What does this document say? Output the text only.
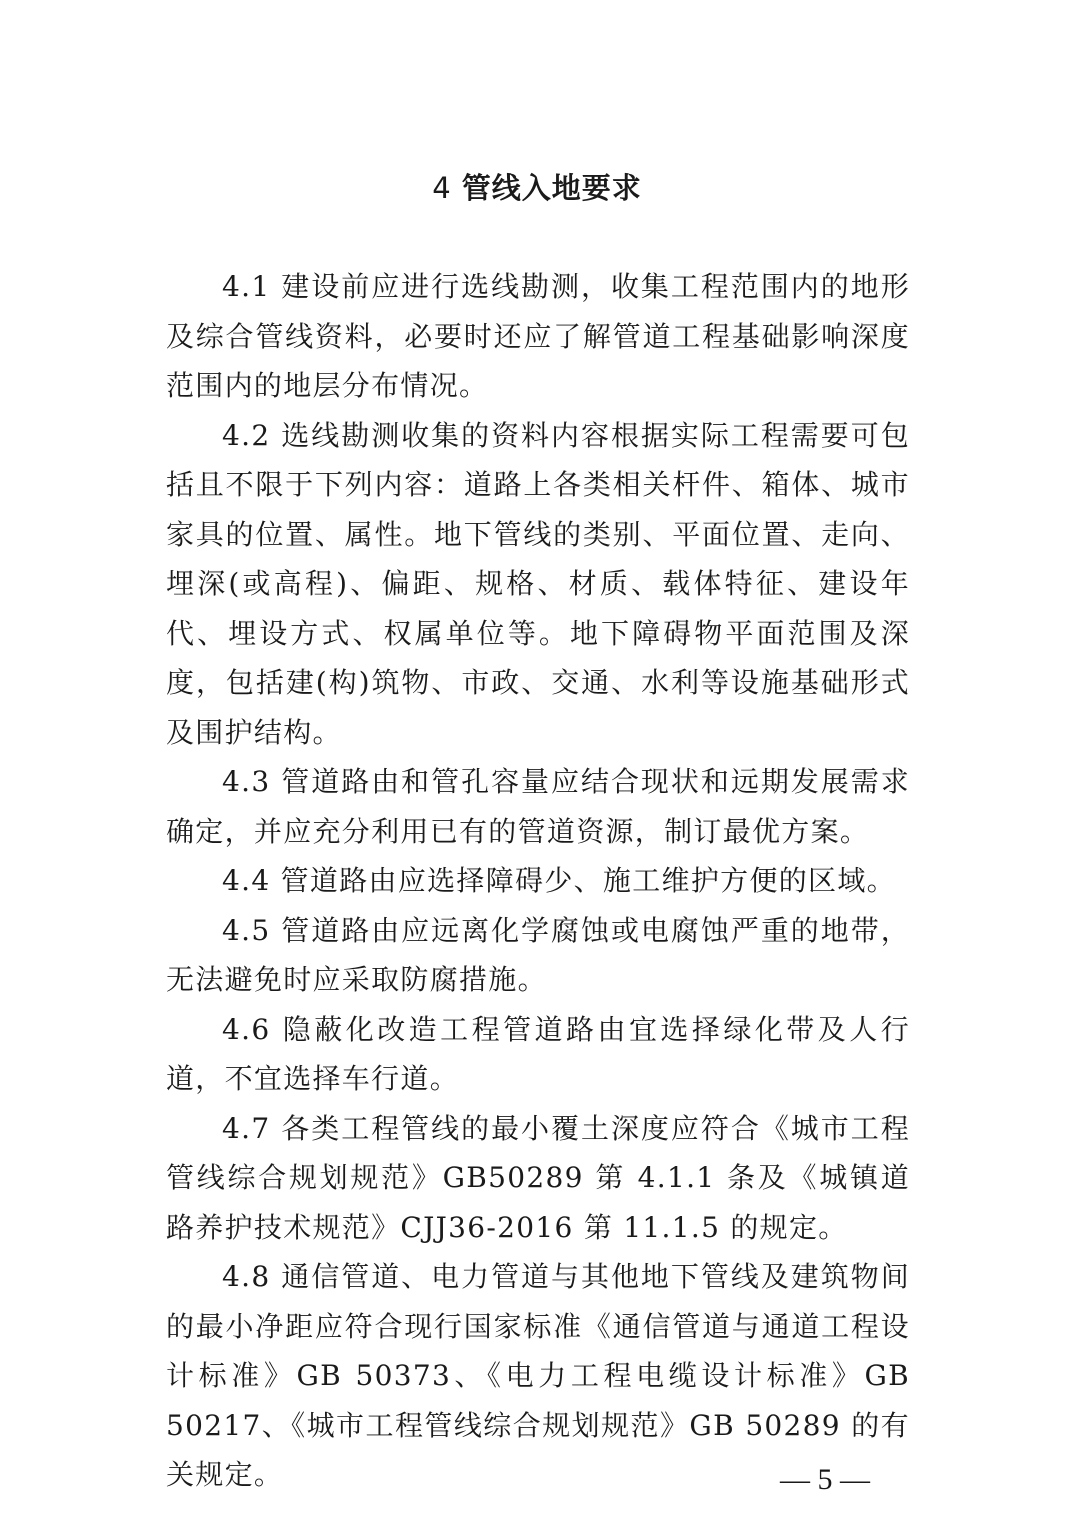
4 管线入地要求

4.1 建设前应进行选线勘测，收集工程范围内的地形及综合管线资料，必要时还应了解管道工程基础影响深度范围内的地层分布情况。

4.2 选线勘测收集的资料内容根据实际工程需要可包括且不限于下列内容：道路上各类相关杆件、箱体、城市家具的位置、属性。地下管线的类别、平面位置、走向、埋深(或高程)、偏距、规格、材质、载体特征、建设年代、埋设方式、权属单位等。地下障碍物平面范围及深度，包括建(构)筑物、市政、交通、水利等设施基础形式及围护结构。

4.3 管道路由和管孔容量应结合现状和远期发展需求确定，并应充分利用已有的管道资源，制订最优方案。

4.4 管道路由应选择障碍少、施工维护方便的区域。

4.5 管道路由应远离化学腐蚀或电腐蚀严重的地带，无法避免时应采取防腐措施。

4.6 隐蔽化改造工程管道路由宜选择绿化带及人行道，不宜选择车行道。

4.7 各类工程管线的最小覆土深度应符合《城市工程管线综合规划规范》GB50289 第 4.1.1 条及《城镇道路养护技术规范》CJJ36-2016 第 11.1.5 的规定。

4.8 通信管道、电力管道与其他地下管线及建筑物间的最小净距应符合现行国家标准《通信管道与通道工程设计标准》GB 50373、《电力工程电缆设计标准》GB 50217、《城市工程管线综合规划规范》GB 50289 的有关规定。	— 5 —
